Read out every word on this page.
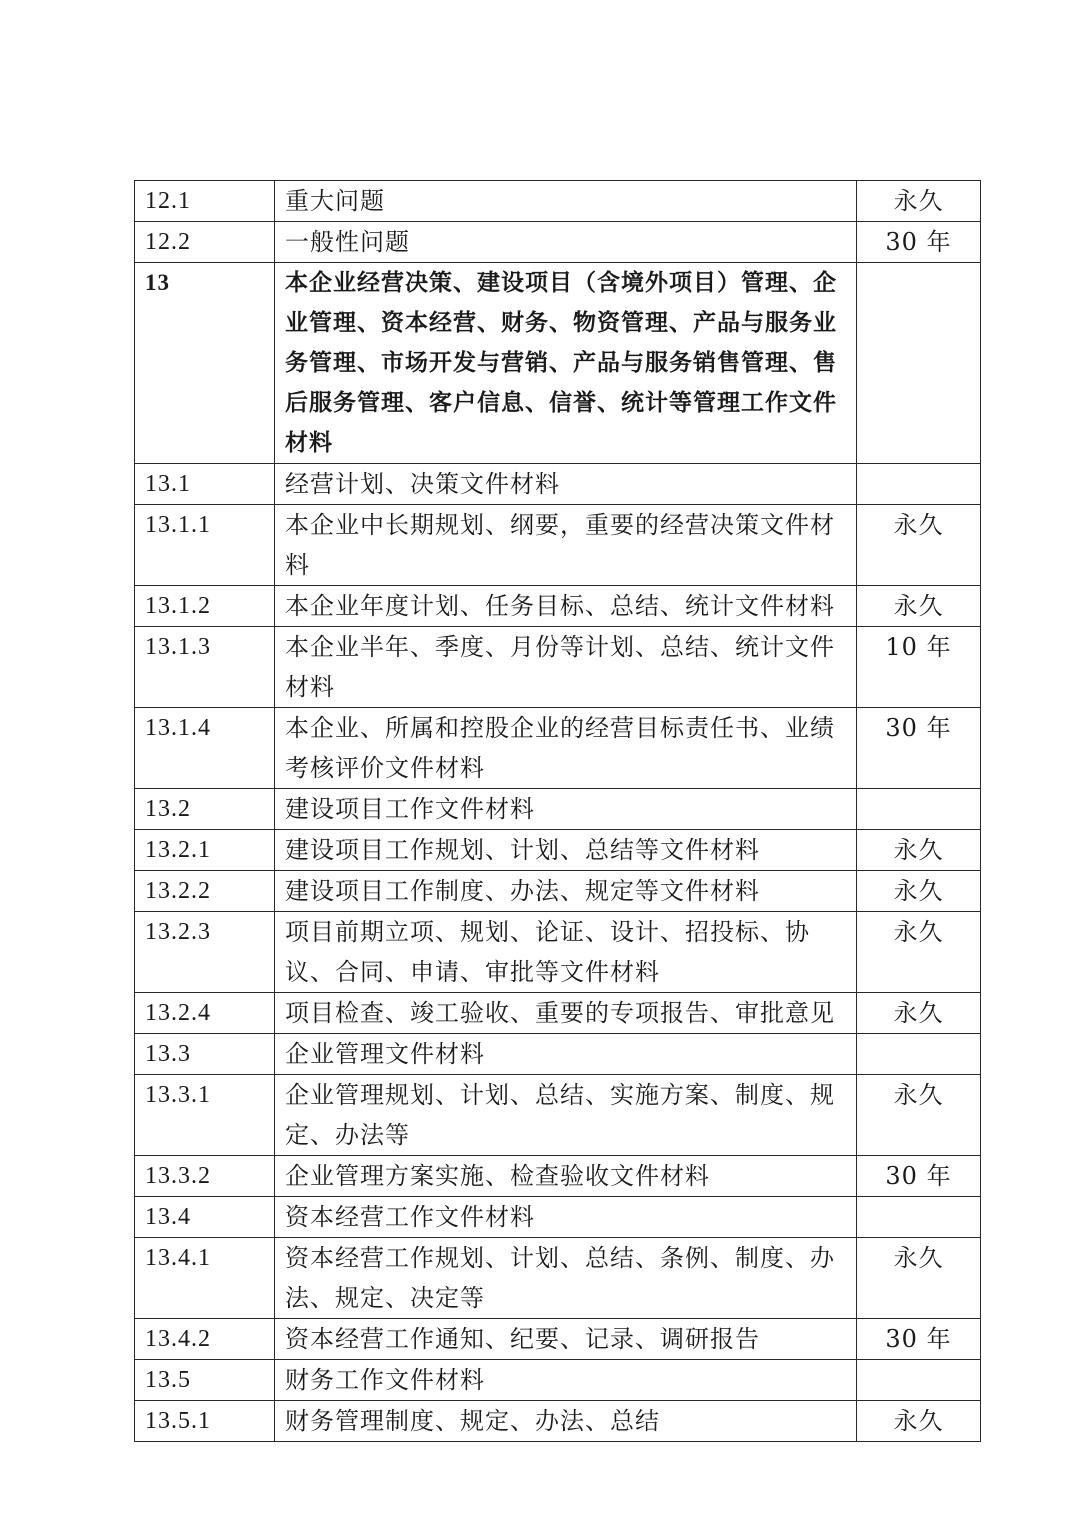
12.1	重大问题	永久
12.2	一般性问题	30 年
13	本企业经营决策、建设项目（含境外项目）管理、企业管理、资本经营、财务、物资管理、产品与服务业务管理、市场开发与营销、产品与服务销售管理、售后服务管理、客户信息、信誉、统计等管理工作文件材料	
13.1	经营计划、决策文件材料	
13.1.1	本企业中长期规划、纲要，重要的经营决策文件材料	永久
13.1.2	本企业年度计划、任务目标、总结、统计文件材料	永久
13.1.3	本企业半年、季度、月份等计划、总结、统计文件材料	10 年
13.1.4	本企业、所属和控股企业的经营目标责任书、业绩考核评价文件材料	30 年
13.2	建设项目工作文件材料	
13.2.1	建设项目工作规划、计划、总结等文件材料	永久
13.2.2	建设项目工作制度、办法、规定等文件材料	永久
13.2.3	项目前期立项、规划、论证、设计、招投标、协议、合同、申请、审批等文件材料	永久
13.2.4	项目检查、竣工验收、重要的专项报告、审批意见	永久
13.3	企业管理文件材料	
13.3.1	企业管理规划、计划、总结、实施方案、制度、规定、办法等	永久
13.3.2	企业管理方案实施、检查验收文件材料	30 年
13.4	资本经营工作文件材料	
13.4.1	资本经营工作规划、计划、总结、条例、制度、办法、规定、决定等	永久
13.4.2	资本经营工作通知、纪要、记录、调研报告	30 年
13.5	财务工作文件材料	
13.5.1	财务管理制度、规定、办法、总结	永久
